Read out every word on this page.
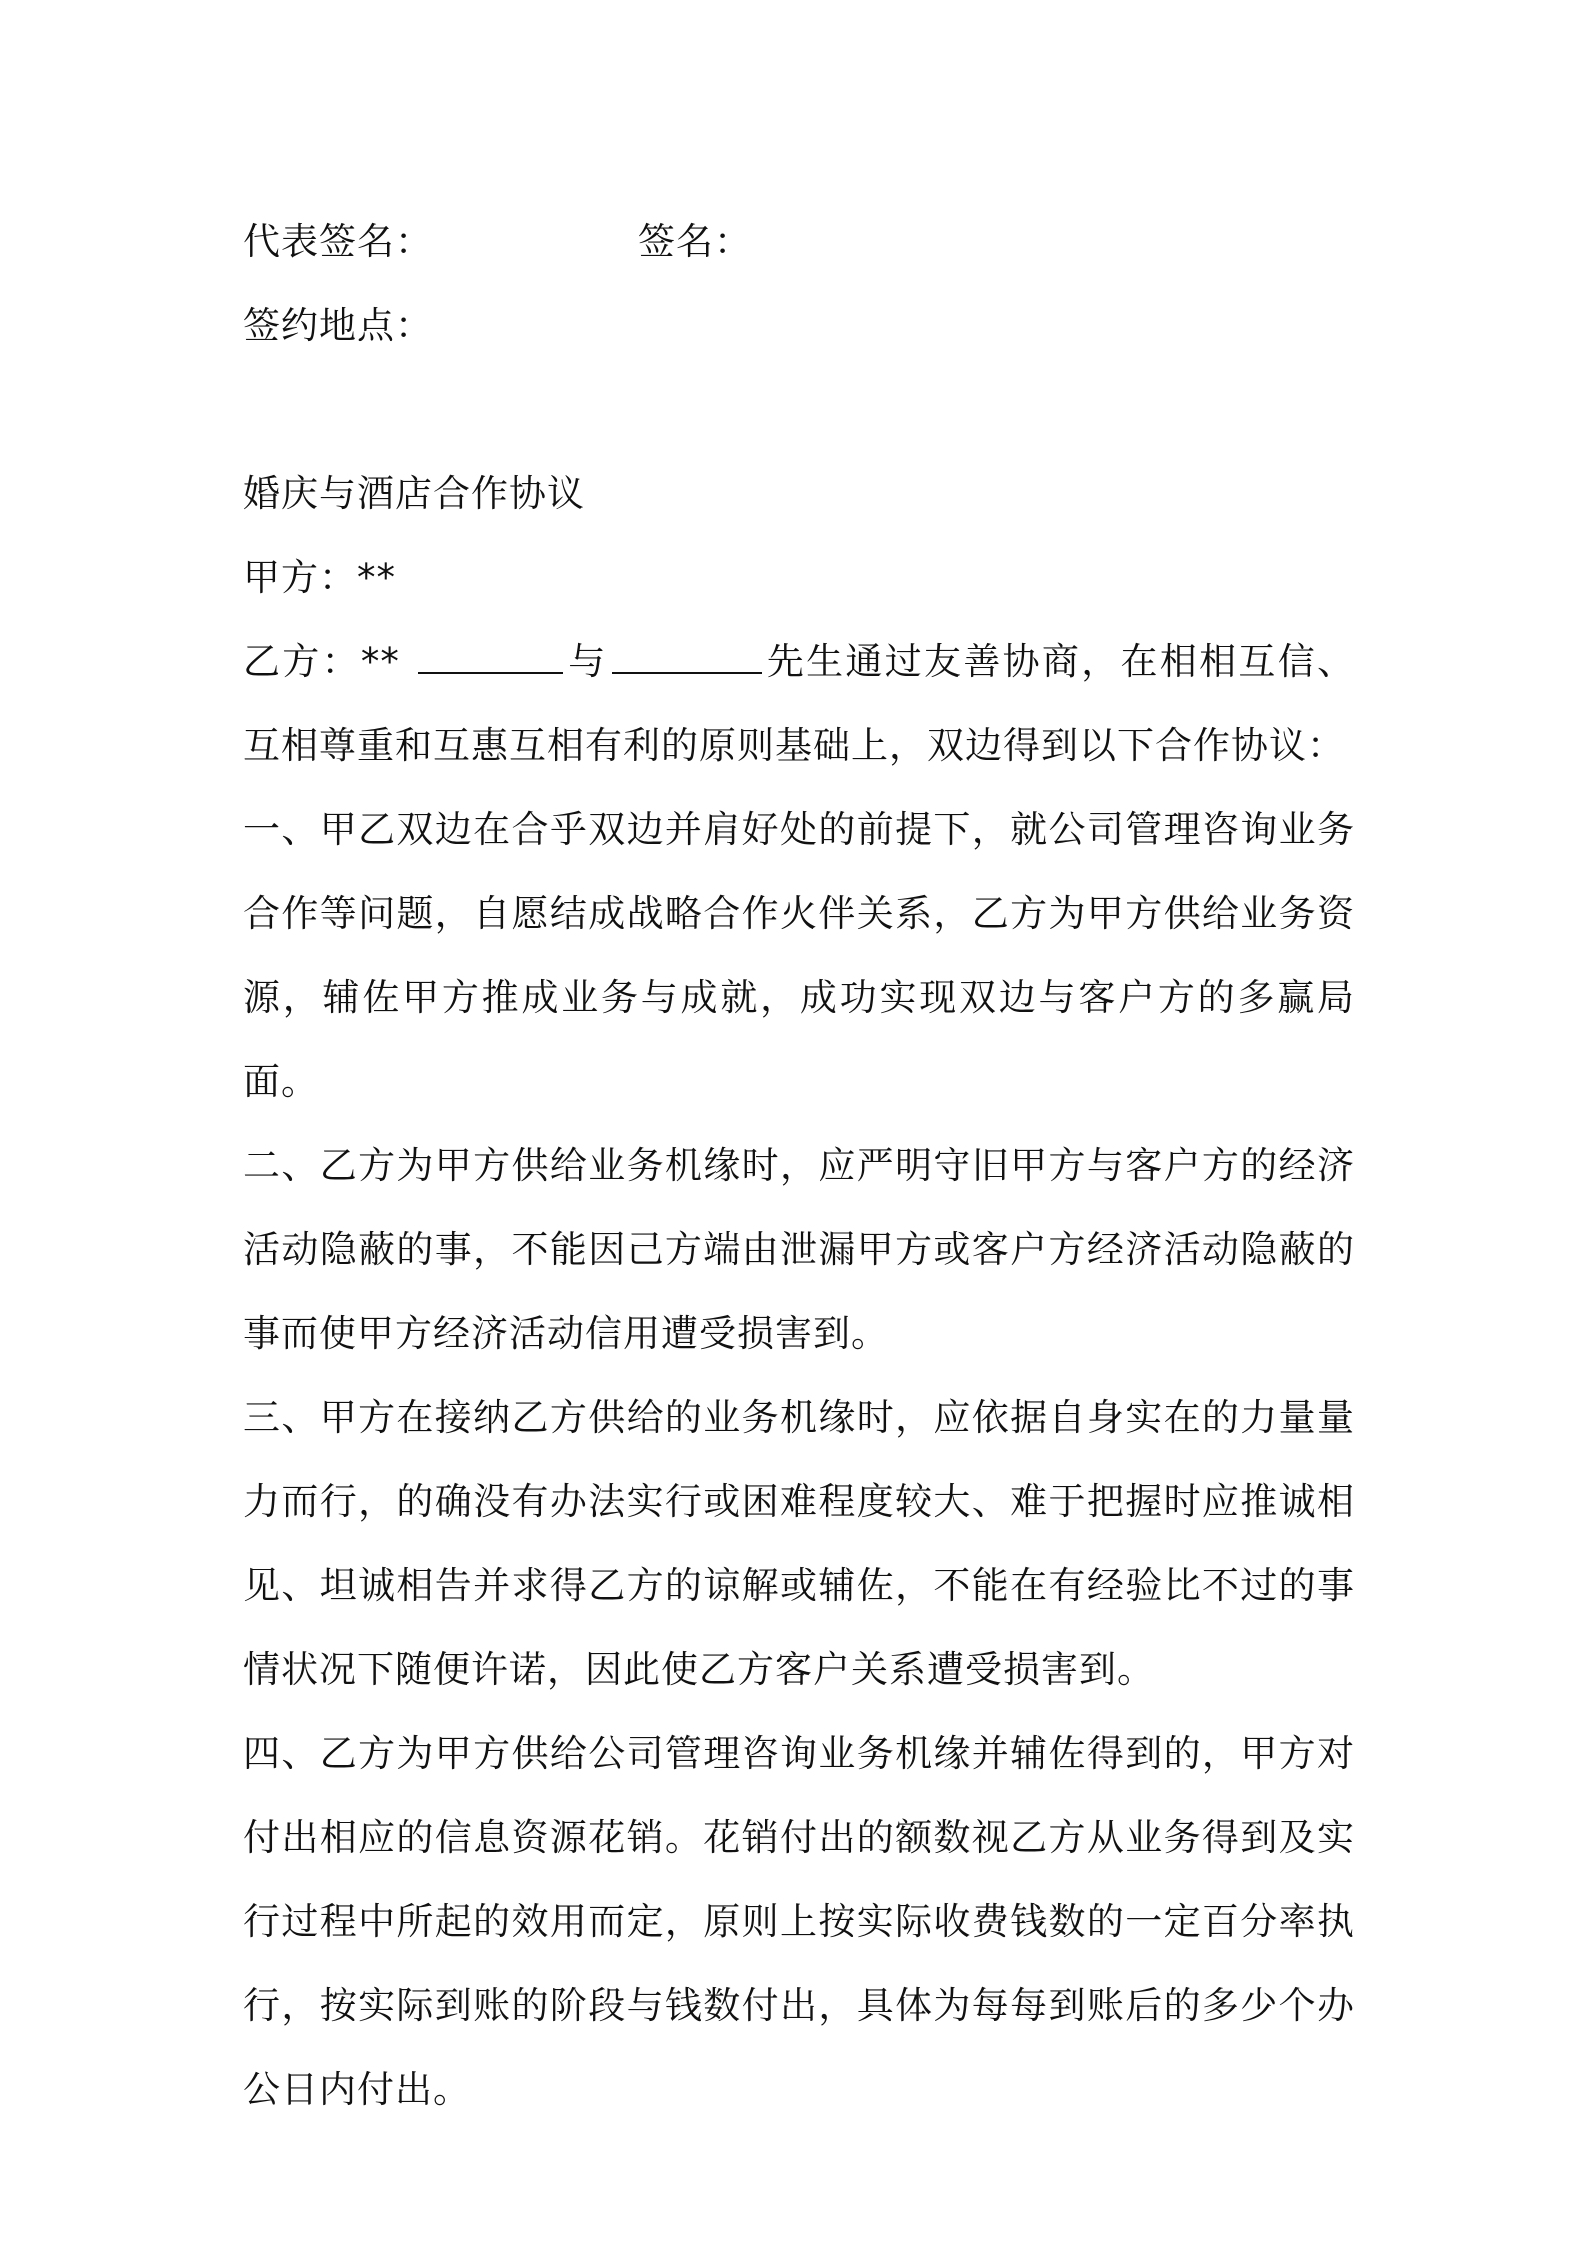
代表签名：	签名：
签约地点：
婚庆与酒店合作协议
甲方：**
乙方：**	与	先生通过友善协商，在相相互信、互相尊重和互惠互相有利的原则基础上，双边得到以下合作协议：
一、甲乙双边在合乎双边并肩好处的前提下，就公司管理咨询业务合作等问题，自愿结成战略合作火伴关系，乙方为甲方供给业务资源，辅佐甲方推成业务与成就，成功实现双边与客户方的多赢局面。
二、乙方为甲方供给业务机缘时，应严明守旧甲方与客户方的经济活动隐蔽的事，不能因己方端由泄漏甲方或客户方经济活动隐蔽的事而使甲方经济活动信用遭受损害到。
三、甲方在接纳乙方供给的业务机缘时，应依据自身实在的力量量力而行，的确没有办法实行或困难程度较大、难于把握时应推诚相见、坦诚相告并求得乙方的谅解或辅佐，不能在有经验比不过的事情状况下随便许诺，因此使乙方客户关系遭受损害到。
四、乙方为甲方供给公司管理咨询业务机缘并辅佐得到的，甲方对付出相应的信息资源花销。花销付出的额数视乙方从业务得到及实行过程中所起的效用而定，原则上按实际收费钱数的一定百分率执行，按实际到账的阶段与钱数付出，具体为每每到账后的多少个办公日内付出。
